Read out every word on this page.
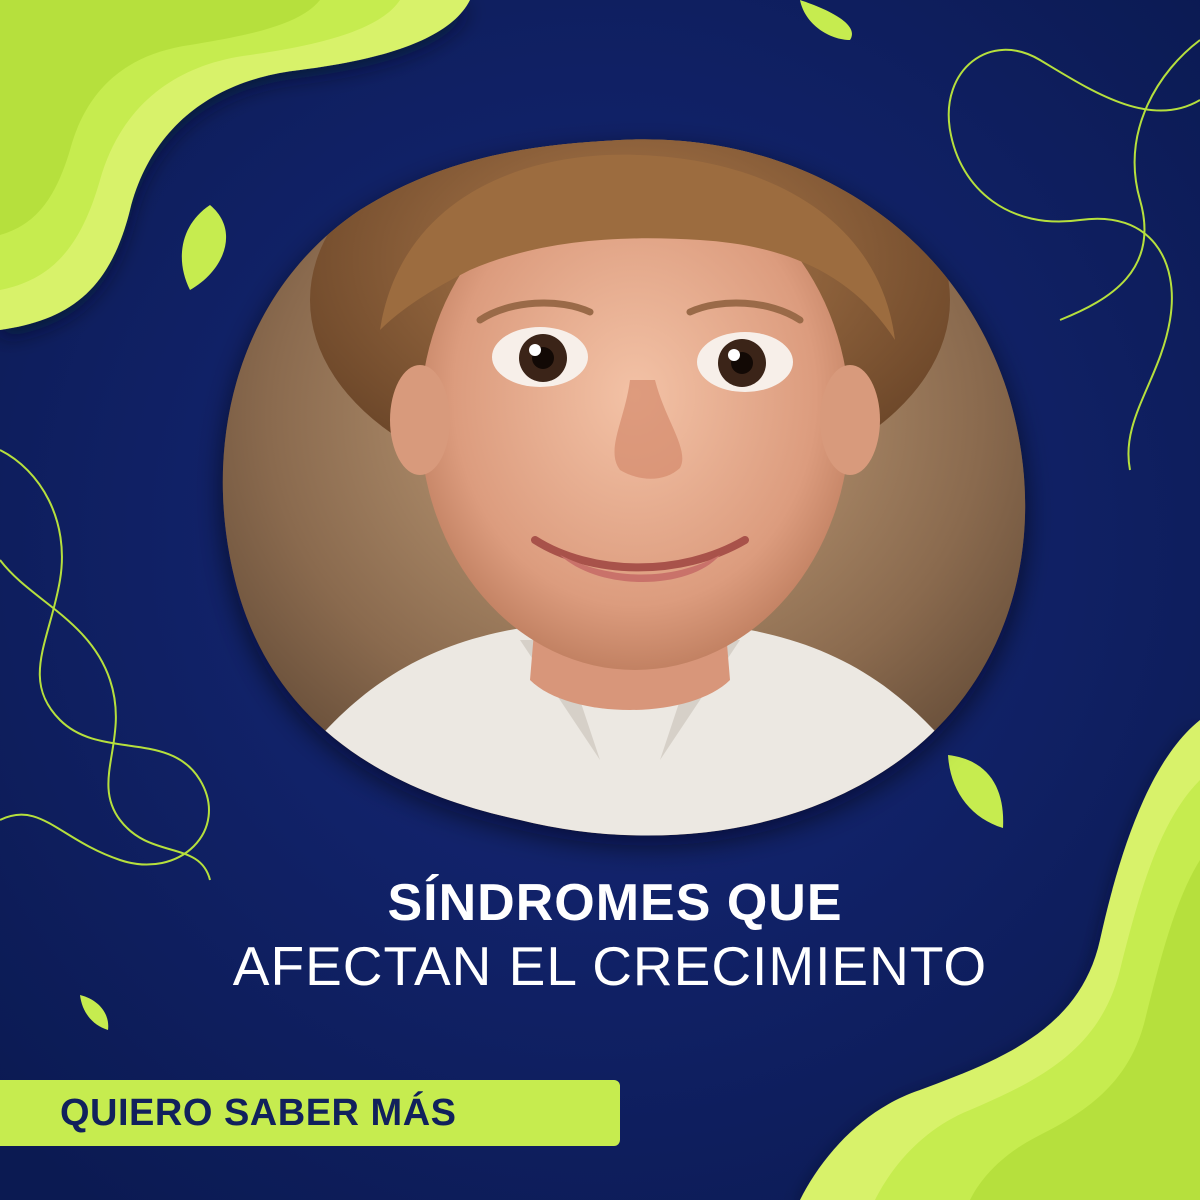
SÍNDROMES QUE
AFECTAN EL CRECIMIENTO
QUIERO SABER MÁS
